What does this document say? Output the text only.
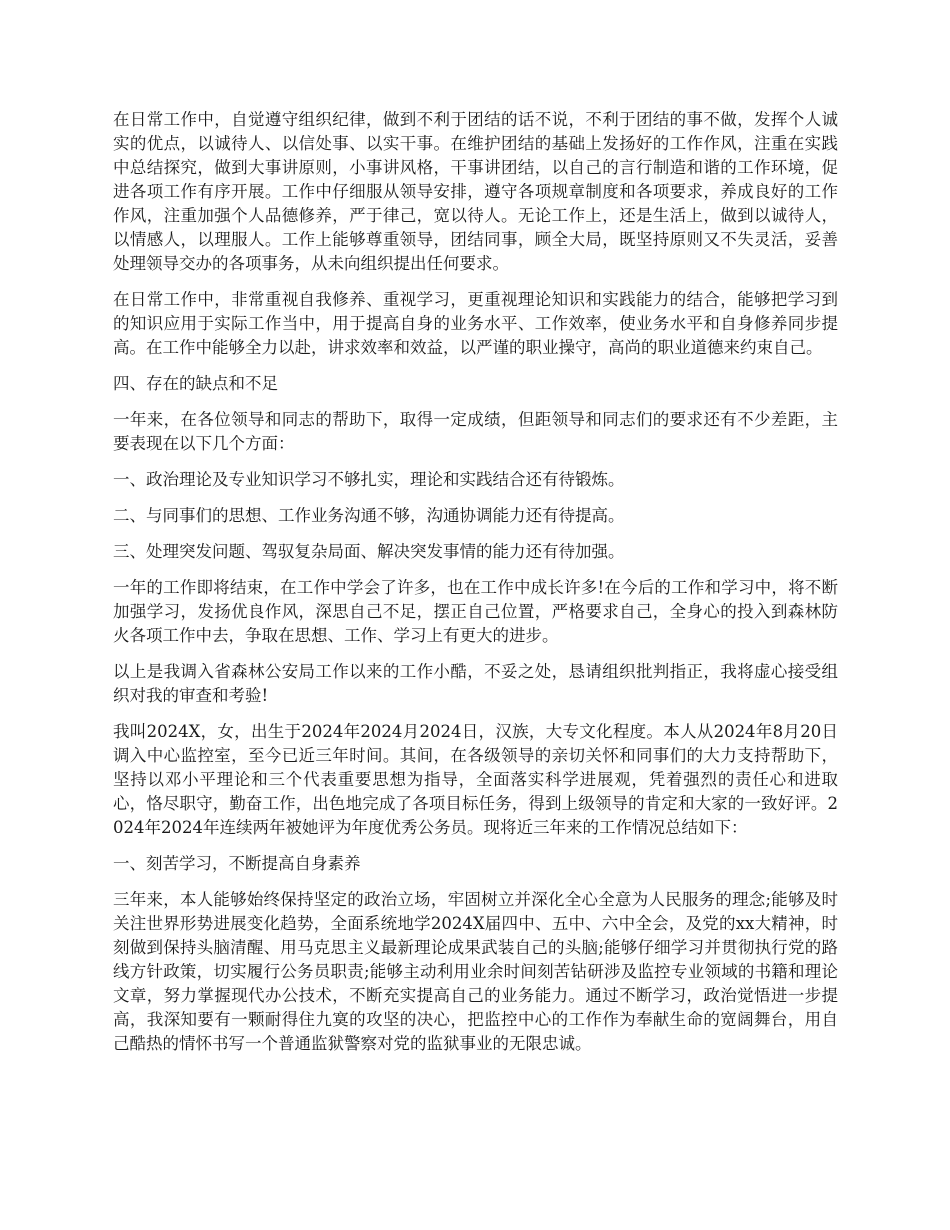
在日常工作中，自觉遵守组织纪律，做到不利于团结的话不说，不利于团结的事不做，发挥个人诚实的优点，以诚待人、以信处事、以实干事。在维护团结的基础上发扬好的工作作风，注重在实践中总结探究，做到大事讲原则，小事讲风格，干事讲团结，以自己的言行制造和谐的工作环境，促进各项工作有序开展。工作中仔细服从领导安排，遵守各项规章制度和各项要求，养成良好的工作作风，注重加强个人品德修养，严于律己，宽以待人。无论工作上，还是生活上，做到以诚待人，以情感人，以理服人。工作上能够尊重领导，团结同事，顾全大局，既坚持原则又不失灵活，妥善处理领导交办的各项事务，从未向组织提出任何要求。

在日常工作中，非常重视自我修养、重视学习，更重视理论知识和实践能力的结合，能够把学习到的知识应用于实际工作当中，用于提高自身的业务水平、工作效率，使业务水平和自身修养同步提高。在工作中能够全力以赴，讲求效率和效益，以严谨的职业操守，高尚的职业道德来约束自己。

四、存在的缺点和不足

一年来，在各位领导和同志的帮助下，取得一定成绩，但距领导和同志们的要求还有不少差距，主要表现在以下几个方面：

一、政治理论及专业知识学习不够扎实，理论和实践结合还有待锻炼。

二、与同事们的思想、工作业务沟通不够，沟通协调能力还有待提高。

三、处理突发问题、驾驭复杂局面、解决突发事情的能力还有待加强。

一年的工作即将结束，在工作中学会了许多，也在工作中成长许多!在今后的工作和学习中，将不断加强学习，发扬优良作风，深思自己不足，摆正自己位置，严格要求自己，全身心的投入到森林防火各项工作中去，争取在思想、工作、学习上有更大的进步。

以上是我调入省森林公安局工作以来的工作小酷，不妥之处，恳请组织批判指正，我将虚心接受组织对我的审查和考验!

我叫2024X，女，出生于2024年2024月2024日，汉族，大专文化程度。本人从2024年8月20日调入中心监控室，至今已近三年时间。其间，在各级领导的亲切关怀和同事们的大力支持帮助下，坚持以邓小平理论和三个代表重要思想为指导，全面落实科学进展观，凭着强烈的责任心和进取心，恪尽职守，勤奋工作，出色地完成了各项目标任务，得到上级领导的肯定和大家的一致好评。2024年2024年连续两年被她评为年度优秀公务员。现将近三年来的工作情况总结如下：

一、刻苦学习，不断提高自身素养

三年来，本人能够始终保持坚定的政治立场，牢固树立并深化全心全意为人民服务的理念;能够及时关注世界形势进展变化趋势，全面系统地学2024X届四中、五中、六中全会，及党的xx大精神，时刻做到保持头脑清醒、用马克思主义最新理论成果武装自己的头脑;能够仔细学习并贯彻执行党的路线方针政策，切实履行公务员职责;能够主动利用业余时间刻苦钻研涉及监控专业领域的书籍和理论文章，努力掌握现代办公技术，不断充实提高自己的业务能力。通过不断学习，政治觉悟进一步提高，我深知要有一颗耐得住九寞的攻坚的决心，把监控中心的工作作为奉献生命的宽阔舞台，用自己酷热的情怀书写一个普通监狱警察对党的监狱事业的无限忠诚。
